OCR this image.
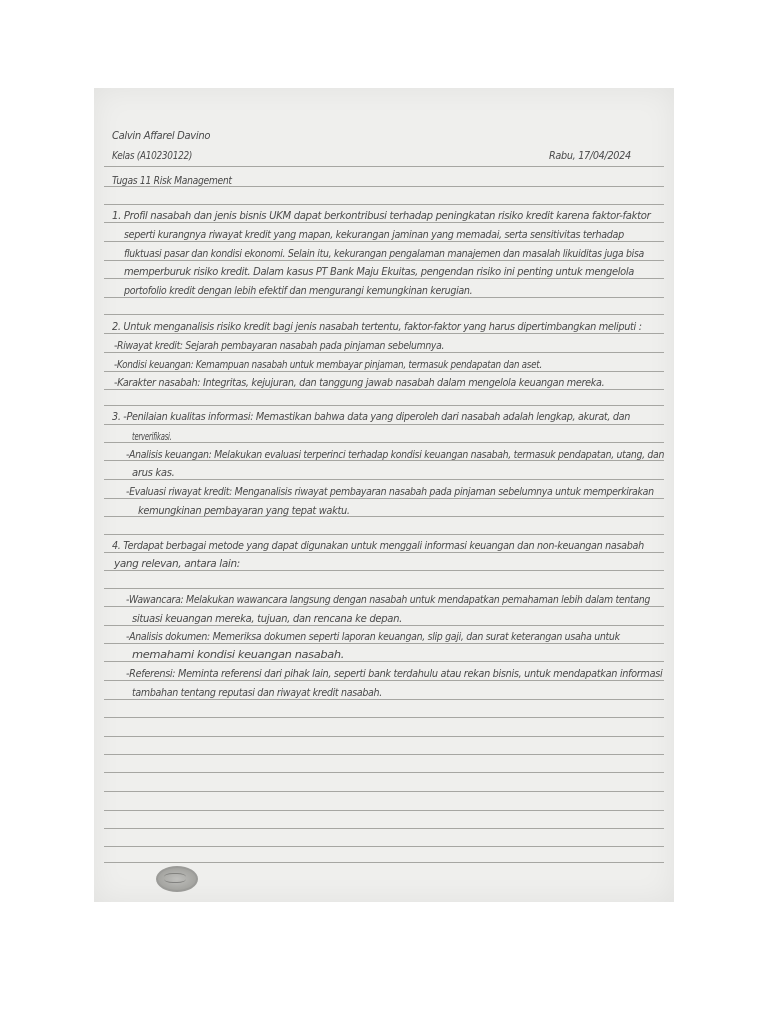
Calvin Affarel Davino
Kelas (A10230122)	Rabu, 17/04/2024
Tugas 11 Risk Management
1. Profil nasabah dan jenis bisnis UKM dapat berkontribusi terhadap peningkatan risiko kredit karena faktor-faktor
seperti kurangnya riwayat kredit yang mapan, kekurangan jaminan yang memadai, serta sensitivitas terhadap
fluktuasi pasar dan kondisi ekonomi. Selain itu, kekurangan pengalaman manajemen dan masalah likuiditas juga bisa
memperburuk risiko kredit. Dalam kasus PT Bank Maju Ekuitas, pengendan risiko ini penting untuk mengelola
portofolio kredit dengan lebih efektif dan mengurangi kemungkinan kerugian.
2. Untuk menganalisis risiko kredit bagi jenis nasabah tertentu, faktor-faktor yang harus dipertimbangkan meliputi :
-Riwayat kredit: Sejarah pembayaran nasabah pada pinjaman sebelumnya.
-Kondisi keuangan: Kemampuan nasabah untuk membayar pinjaman, termasuk pendapatan dan aset.
-Karakter nasabah: Integritas, kejujuran, dan tanggung jawab nasabah dalam mengelola keuangan mereka.
3. -Penilaian kualitas informasi: Memastikan bahwa data yang diperoleh dari nasabah adalah lengkap, akurat, dan
terverifikasi.
-Analisis keuangan: Melakukan evaluasi terperinci terhadap kondisi keuangan nasabah, termasuk pendapatan, utang, dan
arus kas.
-Evaluasi riwayat kredit: Menganalisis riwayat pembayaran nasabah pada pinjaman sebelumnya untuk memperkirakan
kemungkinan pembayaran yang tepat waktu.
4. Terdapat berbagai metode yang dapat digunakan untuk menggali informasi keuangan dan non-keuangan nasabah
yang relevan, antara lain:
-Wawancara: Melakukan wawancara langsung dengan nasabah untuk mendapatkan pemahaman lebih dalam tentang
situasi keuangan mereka, tujuan, dan rencana ke depan.
-Analisis dokumen: Memeriksa dokumen seperti laporan keuangan, slip gaji, dan surat keterangan usaha untuk
memahami kondisi keuangan nasabah.
-Referensi: Meminta referensi dari pihak lain, seperti bank terdahulu atau rekan bisnis, untuk mendapatkan informasi
tambahan tentang reputasi dan riwayat kredit nasabah.
